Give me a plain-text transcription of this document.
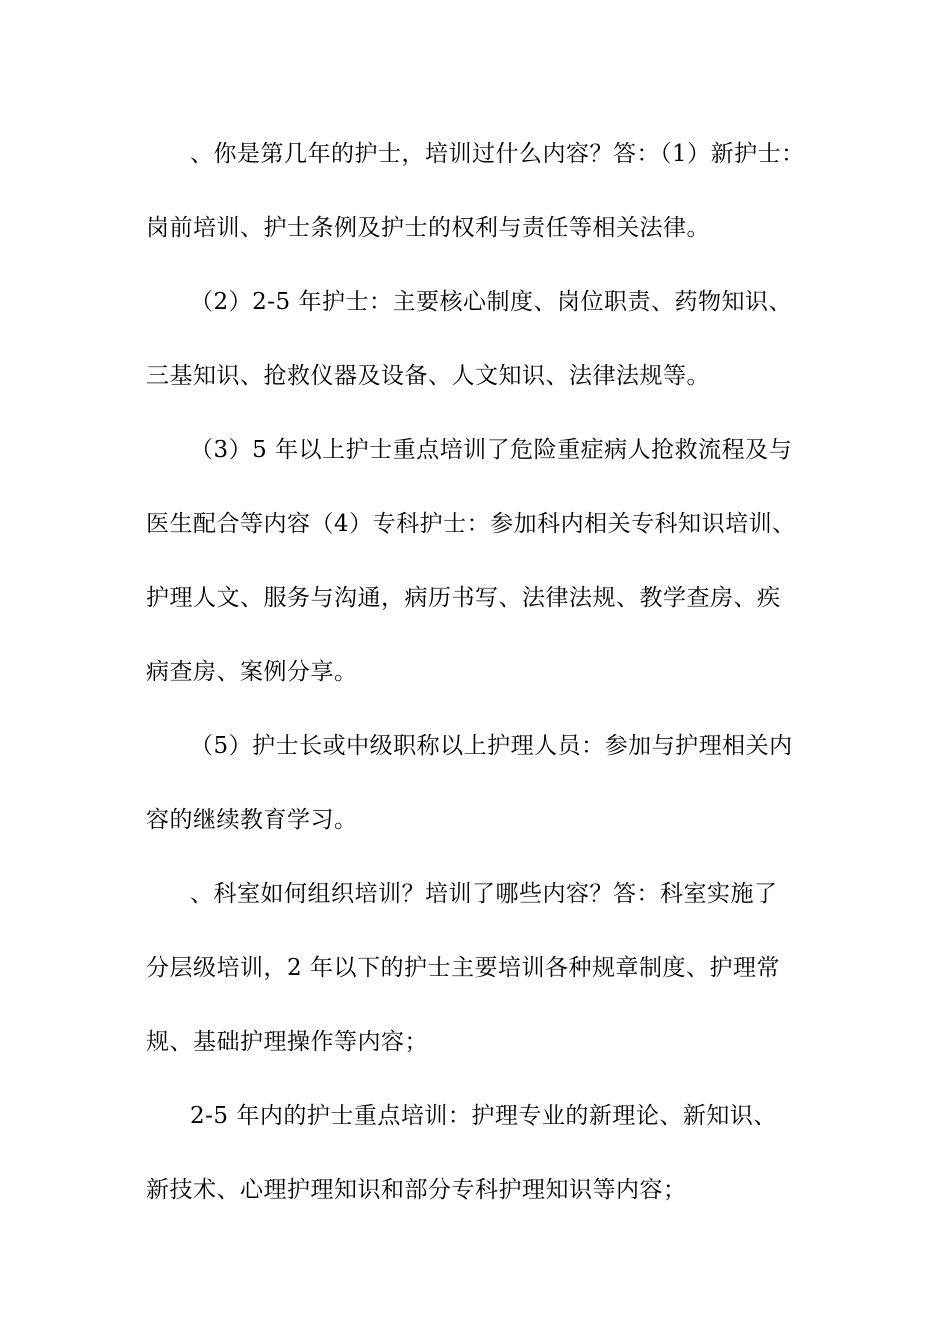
、你是第几年的护士，培训过什么内容？答：（1）新护士：
岗前培训、护士条例及护士的权利与责任等相关法律。
（2）2-5 年护士：主要核心制度、岗位职责、药物知识、
三基知识、抢救仪器及设备、人文知识、法律法规等。
（3）5 年以上护士重点培训了危险重症病人抢救流程及与
医生配合等内容（4）专科护士：参加科内相关专科知识培训、
护理人文、服务与沟通，病历书写、法律法规、教学查房、疾
病查房、案例分享。
（5）护士长或中级职称以上护理人员：参加与护理相关内
容的继续教育学习。
、科室如何组织培训？培训了哪些内容？答：科室实施了
分层级培训，2 年以下的护士主要培训各种规章制度、护理常
规、基础护理操作等内容；
2-5 年内的护士重点培训：护理专业的新理论、新知识、
新技术、心理护理知识和部分专科护理知识等内容；
